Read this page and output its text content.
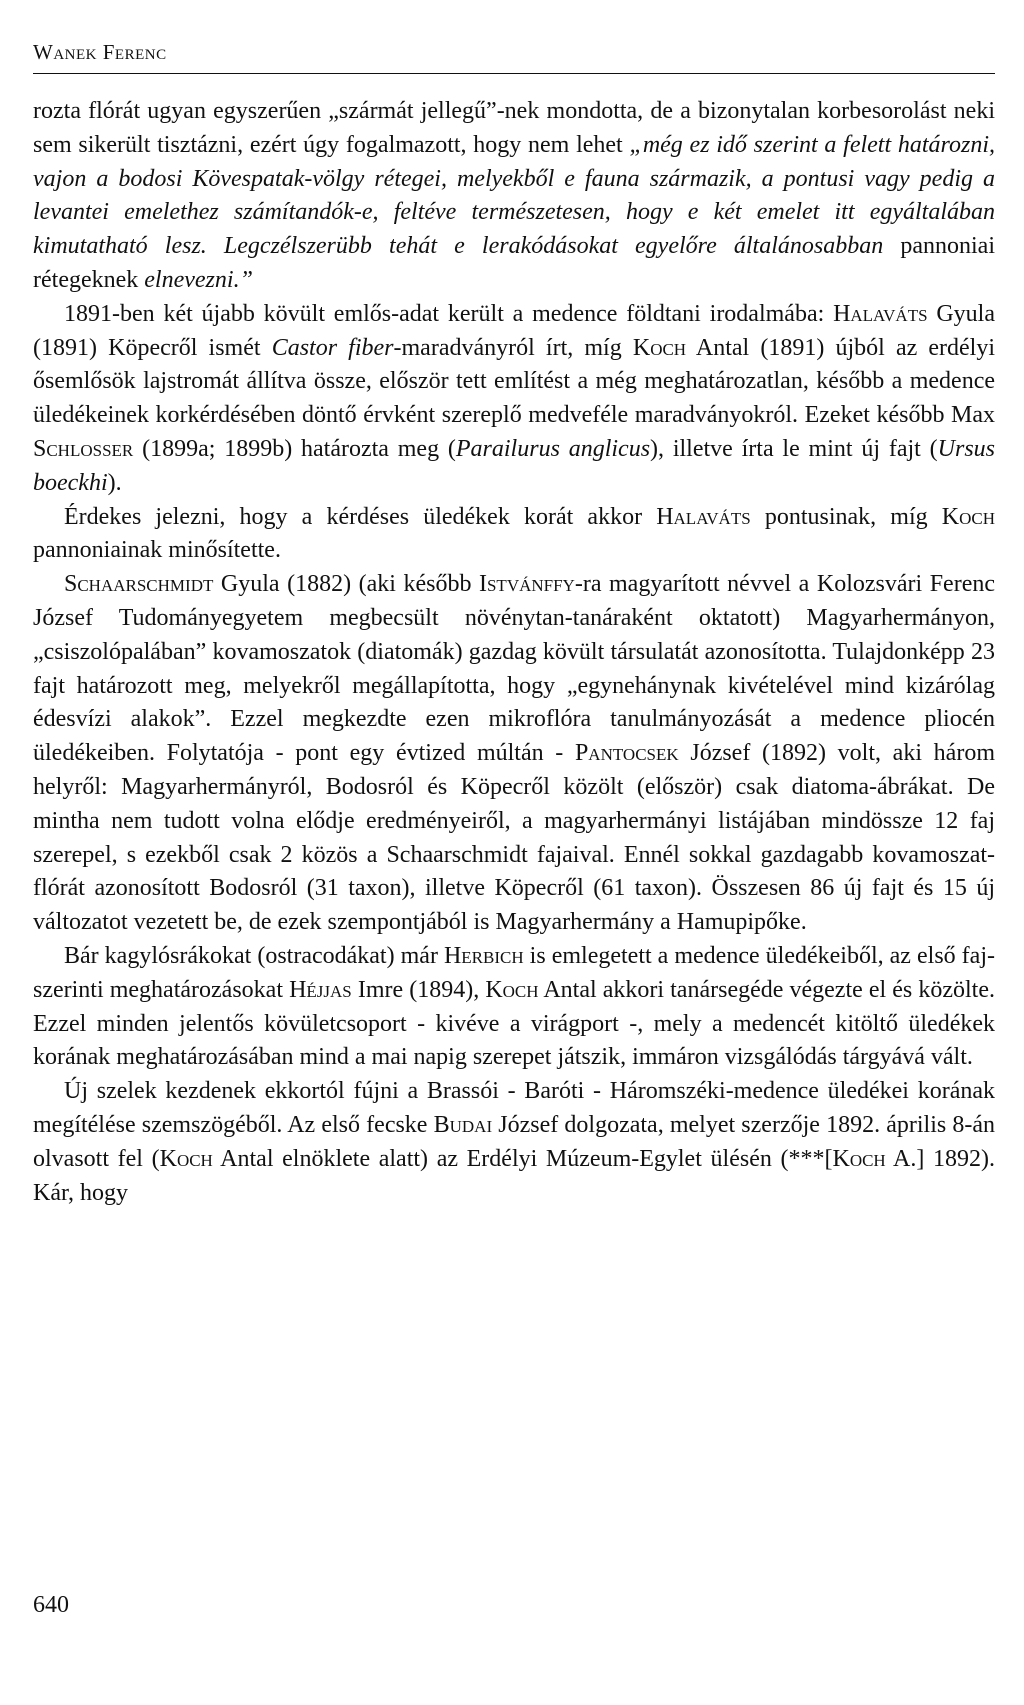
Wanek Ferenc

rozta flórát ugyan egyszerűen „szármát jellegű”-nek mondotta, de a bizonytalan korbesorolást neki sem sikerült tisztázni, ezért úgy fogalmazott, hogy nem lehet „még ez idő szerint a felett határozni, vajon a bodosi Kövespatak-völgy rétegei, melyekből e fauna származik, a pontusi vagy pedig a levantei emelethez számítandók-e, feltéve természetesen, hogy e két emelet itt egyáltalában kimutatható lesz. Legczélszerübb tehát e lerakódásokat egyelőre általánosabban pannoniai rétegeknek elnevezni.”

1891-ben két újabb kövült emlős-adat került a medence földtani irodalmába: Halaváts Gyula (1891) Köpecről ismét Castor fiber-maradványról írt, míg Koch Antal (1891) újból az erdélyi ősemlősök lajstromát állítva össze, először tett említést a még meghatározatlan, később a medence üledékeinek korkérdésében döntő érvként szereplő medveféle maradványokról. Ezeket később Max Schlosser (1899a; 1899b) határozta meg (Parailurus anglicus), illetve írta le mint új fajt (Ursus boeckhi).

Érdekes jelezni, hogy a kérdéses üledékek korát akkor Halaváts pontusinak, míg Koch pannoniainak minősítette.

Schaarschmidt Gyula (1882) (aki később Istvánffy-ra magyarított névvel a Kolozsvári Ferenc József Tudományegyetem megbecsült növénytan-tanáraként oktatott) Magyarhermányon, „csiszolópalában” kovamoszatok (diatomák) gazdag kövült társulatát azonosította. Tulajdonképp 23 fajt határozott meg, melyekről megállapította, hogy „egynehánynak kivételével mind kizárólag édesvízi alakok”. Ezzel megkezdte ezen mikroflóra tanulmányozását a medence pliocén üledékeiben. Folytatója - pont egy évtized múltán - Pantocsek József (1892) volt, aki három helyről: Magyarhermányról, Bodosról és Köpecről közölt (először) csak diatoma-ábrákat. De mintha nem tudott volna elődje eredményeiről, a magyarhermányi listájában mindössze 12 faj szerepel, s ezekből csak 2 közös a Schaarschmidt fajaival. Ennél sokkal gazdagabb kovamoszat-flórát azonosított Bodosról (31 taxon), illetve Köpecről (61 taxon). Összesen 86 új fajt és 15 új változatot vezetett be, de ezek szempontjából is Magyarhermány a Hamupipőke.

Bár kagylósrákokat (ostracodákat) már Herbich is emlegetett a medence üledékeiből, az első faj-szerinti meghatározásokat Héjjas Imre (1894), Koch Antal akkori tanársegéde végezte el és közölte. Ezzel minden jelentős kövületcsoport - kivéve a virágport -, mely a medencét kitöltő üledékek korának meghatározásában mind a mai napig szerepet játszik, immáron vizsgálódás tárgyává vált.

Új szelek kezdenek ekkortól fújni a Brassói - Baróti - Háromszéki-medence üledékei korának megítélése szemszögéből. Az első fecske Budai József dolgozata, melyet szerzője 1892. április 8-án olvasott fel (Koch Antal elnöklete alatt) az Erdélyi Múzeum-Egylet ülésén (***[Koch A.] 1892). Kár, hogy

640
